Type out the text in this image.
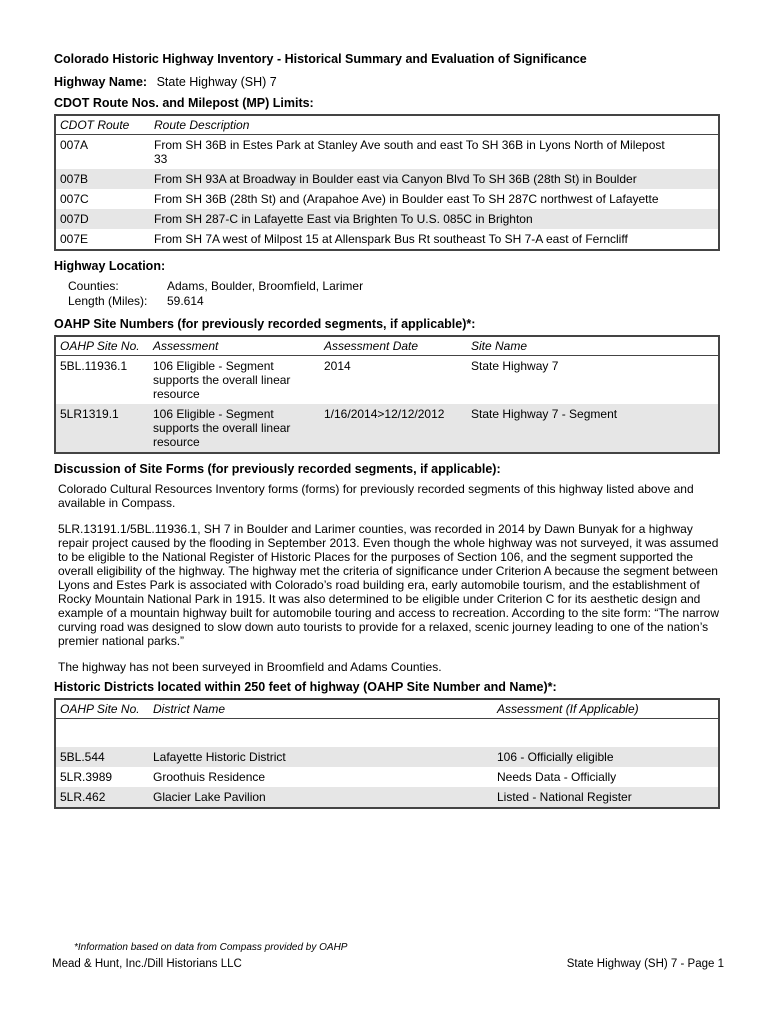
Colorado Historic Highway Inventory - Historical Summary and Evaluation of Significance
Highway Name: State Highway (SH) 7
CDOT Route Nos. and Milepost (MP) Limits:
CDOT Route	Route Description
007A	From SH 36B in Estes Park at Stanley Ave south and east To SH 36B in Lyons North of Milepost 33
007B	From SH 93A at Broadway in Boulder east via Canyon Blvd To SH 36B (28th St) in Boulder
007C	From SH 36B (28th St) and (Arapahoe Ave) in Boulder east To SH 287C northwest of Lafayette
007D	From SH 287-C in Lafayette East via Brighten To U.S. 085C in Brighton
007E	From SH 7A west of Milpost 15 at Allenspark Bus Rt southeast To SH 7-A east of Ferncliff
Highway Location:
Counties:	Adams, Boulder, Broomfield, Larimer
Length (Miles): 59.614
OAHP Site Numbers (for previously recorded segments, if applicable)*:
OAHP Site No.	Assessment	Assessment Date	Site Name
5BL.11936.1	106 Eligible - Segment supports the overall linear resource	2014	State Highway 7
5LR1319.1	106 Eligible - Segment supports the overall linear resource	1/16/2014>12/12/2012	State Highway 7 - Segment
Discussion of Site Forms (for previously recorded segments, if applicable):

Colorado Cultural Resources Inventory forms (forms) for previously recorded segments of this highway listed above and available in Compass.

5LR.13191.1/5BL.11936.1, SH 7 in Boulder and Larimer counties, was recorded in 2014 by Dawn Bunyak for a highway repair project caused by the flooding in September 2013. Even though the whole highway was not surveyed, it was assumed to be eligible to the National Register of Historic Places for the purposes of Section 106, and the segment supported the overall eligibility of the highway. The highway met the criteria of significance under Criterion A because the segment between Lyons and Estes Park is associated with Colorado’s road building era, early automobile tourism, and the establishment of Rocky Mountain National Park in 1915. It was also determined to be eligible under Criterion C for its aesthetic design and example of a mountain highway built for automobile touring and access to recreation. According to the site form: “The narrow curving road was designed to slow down auto tourists to provide for a relaxed, scenic journey leading to one of the nation’s premier national parks.”

The highway has not been surveyed in Broomfield and Adams Counties.

Historic Districts located within 250 feet of highway (OAHP Site Number and Name)*:
OAHP Site No.	District Name	Assessment (If Applicable)

5BL.544	Lafayette Historic District	106 - Officially eligible
5LR.3989	Groothuis Residence	Needs Data - Officially
5LR.462	Glacier Lake Pavilion	Listed - National Register
*Information based on data from Compass provided by OAHP
Mead & Hunt, Inc./Dill Historians LLC	State Highway (SH) 7 - Page 1
